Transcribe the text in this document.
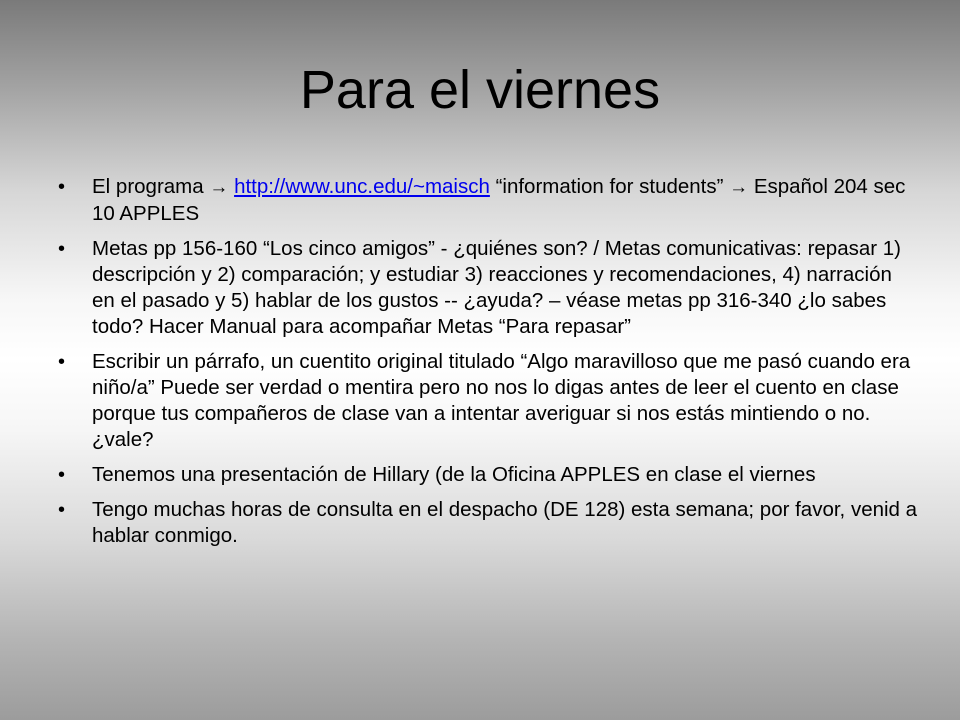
Para el viernes
•	El programa → http://www.unc.edu/~maisch “information for students” → Español 204 sec 10 APPLES
•	Metas pp 156-160 “Los cinco amigos” - ¿quiénes son? / Metas comunicativas: repasar 1) descripción y 2) comparación; y estudiar 3) reacciones y recomendaciones, 4) narración en el pasado y 5) hablar de los gustos -- ¿ayuda? – véase metas pp 316-340 ¿lo sabes todo? Hacer Manual para acompañar Metas “Para repasar”
•	Escribir un párrafo, un cuentito original titulado “Algo maravilloso que me pasó cuando era niño/a” Puede ser verdad o mentira pero no nos lo digas antes de leer el cuento en clase porque tus compañeros de clase van a intentar averiguar si nos estás mintiendo o no. ¿vale?
•	Tenemos una presentación de Hillary (de la Oficina APPLES en clase el viernes
•	Tengo muchas horas de consulta en el despacho (DE 128) esta semana; por favor, venid a hablar conmigo.
